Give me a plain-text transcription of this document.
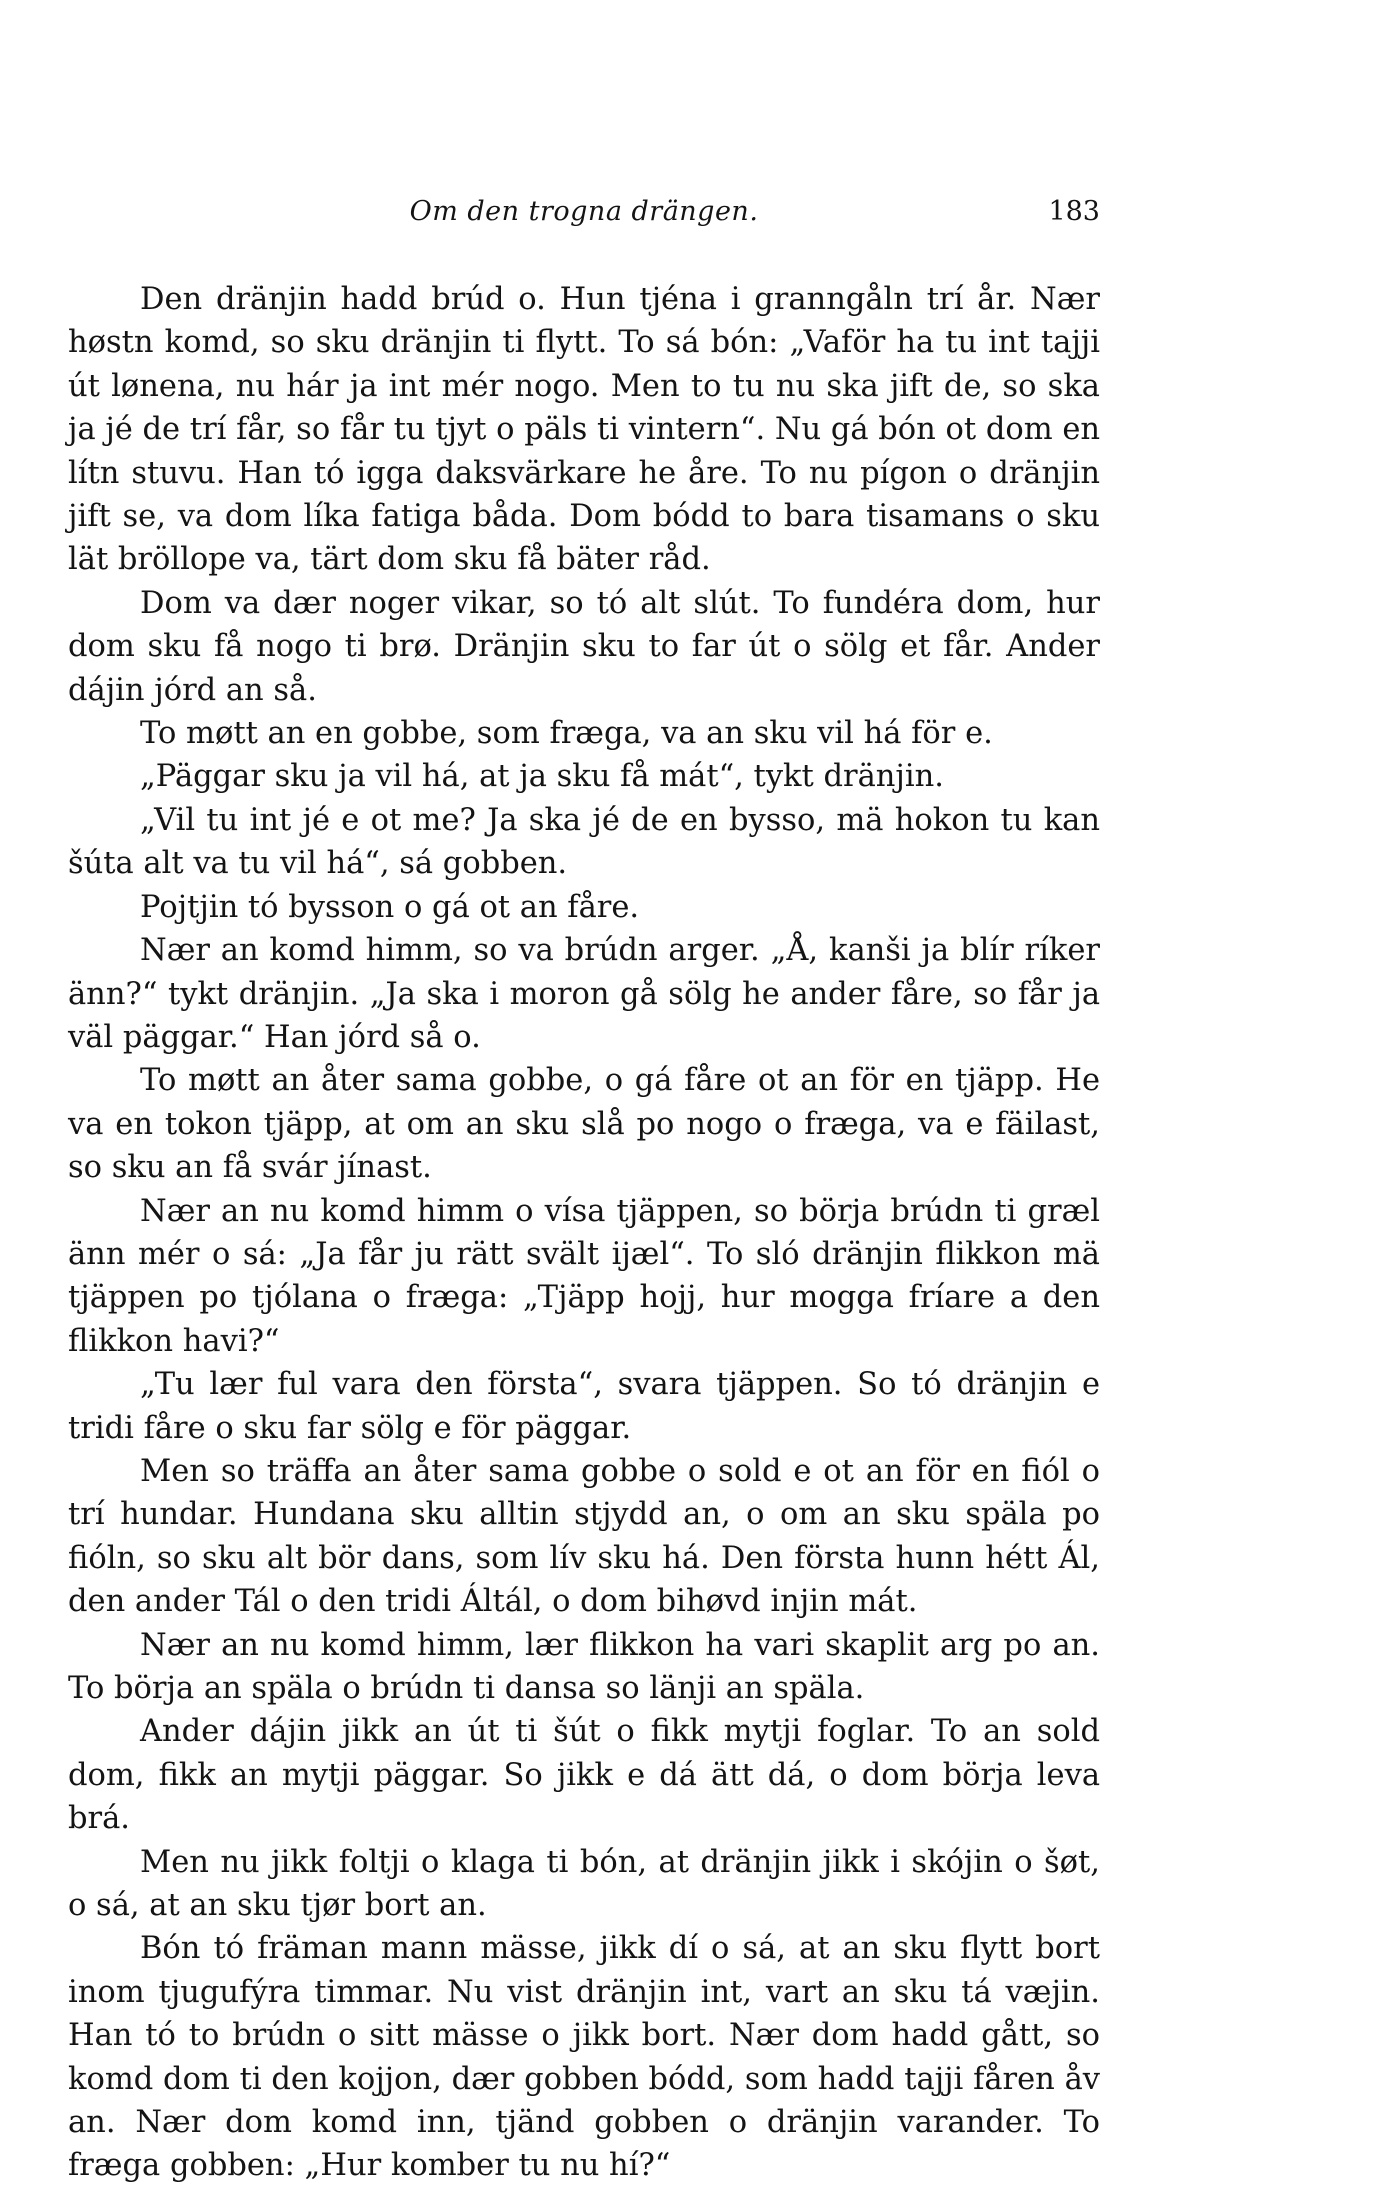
Om den trogna drängen.	183

Den dränjin hadd brúd o. Hun tjéna i granngåln trí år. Nær høstn komd, so sku dränjin ti flytt. To sá bón: „Vaför ha tu int tajji út lønena, nu hár ja int mér nogo. Men to tu nu ska jift de, so ska ja jé de trí får, so får tu tjyt o päls ti vintern“. Nu gá bón ot dom en lítn stuvu. Han tó igga daksvärkare he åre. To nu pígon o dränjin jift se, va dom líka fatiga båda. Dom bódd to bara tisamans o sku lät bröllope va, tärt dom sku få bäter råd.

Dom va dær noger vikar, so tó alt slút. To fundéra dom, hur dom sku få nogo ti brø. Dränjin sku to far út o sölg et får. Ander dájin jórd an så.

To møtt an en gobbe, som fræga, va an sku vil há för e.

„Päggar sku ja vil há, at ja sku få mát“, tykt dränjin.

„Vil tu int jé e ot me? Ja ska jé de en bysso, mä hokon tu kan šúta alt va tu vil há“, sá gobben.

Pojtjin tó bysson o gá ot an fåre.

Nær an komd himm, so va brúdn arger. „Å, kanši ja blír ríker änn?“ tykt dränjin. „Ja ska i moron gå sölg he ander fåre, so får ja väl päggar.“ Han jórd så o.

To møtt an åter sama gobbe, o gá fåre ot an för en tjäpp. He va en tokon tjäpp, at om an sku slå po nogo o fræga, va e fäilast, so sku an få svár jínast.

Nær an nu komd himm o vísa tjäppen, so börja brúdn ti græl änn mér o sá: „Ja får ju rätt svält ijæl“. To sló dränjin flikkon mä tjäppen po tjólana o fræga: „Tjäpp hojj, hur mogga fríare a den flikkon havi?“

„Tu lær ful vara den första“, svara tjäppen. So tó dränjin e tridi fåre o sku far sölg e för päggar.

Men so träffa an åter sama gobbe o sold e ot an för en fiól o trí hundar. Hundana sku alltin stjydd an, o om an sku späla po fióln, so sku alt bör dans, som lív sku há. Den första hunn hétt Ál, den ander Tál o den tridi Áltál, o dom bihøvd injin mát.

Nær an nu komd himm, lær flikkon ha vari skaplit arg po an. To börja an späla o brúdn ti dansa so länji an späla.

Ander dájin jikk an út ti šút o fikk mytji foglar. To an sold dom, fikk an mytji päggar. So jikk e dá ätt dá, o dom börja leva brá.

Men nu jikk foltji o klaga ti bón, at dränjin jikk i skójin o šøt, o sá, at an sku tjør bort an.

Bón tó främan mann mässe, jikk dí o sá, at an sku flytt bort inom tjugufýra timmar. Nu vist dränjin int, vart an sku tá væjin. Han tó to brúdn o sitt mässe o jikk bort. Nær dom hadd gått, so komd dom ti den kojjon, dær gobben bódd, som hadd tajji fåren åv an. Nær dom komd inn, tjänd gobben o dränjin varander. To fræga gobben: „Hur komber tu nu hí?“
